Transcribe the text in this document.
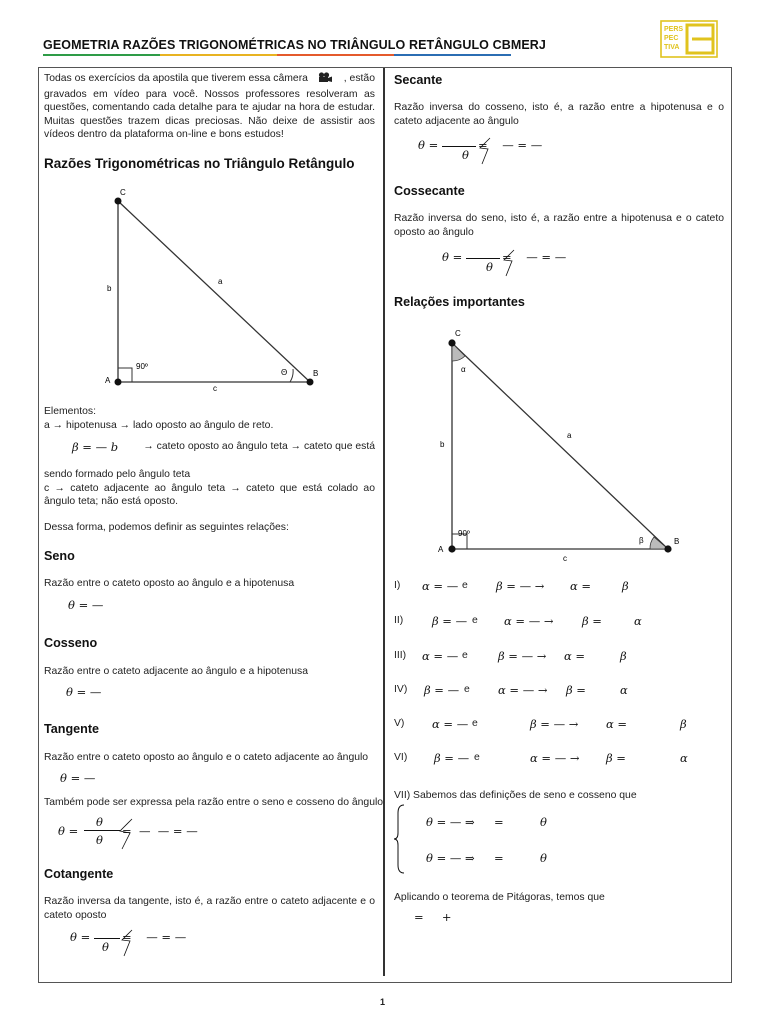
GEOMETRIA RAZÕES TRIGONOMÉTRICAS NO TRIÂNGULO RETÂNGULO CBMERJ
PERS
PEC
TIVA
Todas os exercícios da apostila que tiverem essa câmera	, estão
gravados em vídeo para você. Nossos professores resolveram as questões, comentando cada detalhe para te ajudar na hora de estudar. Muitas questões trazem dicas preciosas. Não deixe de assistir aos vídeos dentro da plataforma on-line e bons estudos!
Razões Trigonométricas no Triângulo Retângulo
C
A
B
a
b
c
90º
Θ
Elementos:
a → hipotenusa → lado oposto ao ângulo de reto.
β = — b → cateto oposto ao ângulo teta → cateto que está
sendo formado pelo ângulo teta
c → cateto adjacente ao ângulo teta → cateto que está colado ao ângulo teta; não está oposto.
Dessa forma, podemos definir as seguintes relações:
Seno
Razão entre o cateto oposto ao ângulo e a hipotenusa
θ = —
Cosseno
Razão entre o cateto adjacente ao ângulo e a hipotenusa
θ = —
Tangente
Razão entre o cateto oposto ao ângulo e o cateto adjacente ao ângulo
θ = —
Também pode ser expressa pela razão entre o seno e cosseno do ângulo
θ =
θ
θ
=  —  — = —
Cotangente
Razão inversa da tangente, isto é, a razão entre o cateto adjacente e o cateto oposto
θ =
θ
=    — = —
Secante
Razão inversa do cosseno, isto é, a razão entre a hipotenusa e o cateto adjacente ao ângulo
θ =
θ
=    — = —
Cossecante
Razão inversa do seno, isto é, a razão entre a hipotenusa e o cateto oposto ao ângulo
θ =
θ
=    — = —
Relações importantes
C
A
B
a
b
c
90º
α
β
I) α = — e β = — → α =	β
II)	β = — e α = — → β =	α
III) α = — e	β = — → α =	β
IV) β = — e α = — → β =	α
V) α = — e	β = — → α =	β
VI) β = — e	α = — → β =	α
VII) Sabemos das definições de seno e cosseno que
θ = — ⇒ =	θ
θ = — ⇒ =	θ
Aplicando o teorema de Pitágoras, temos que
=     +
1
